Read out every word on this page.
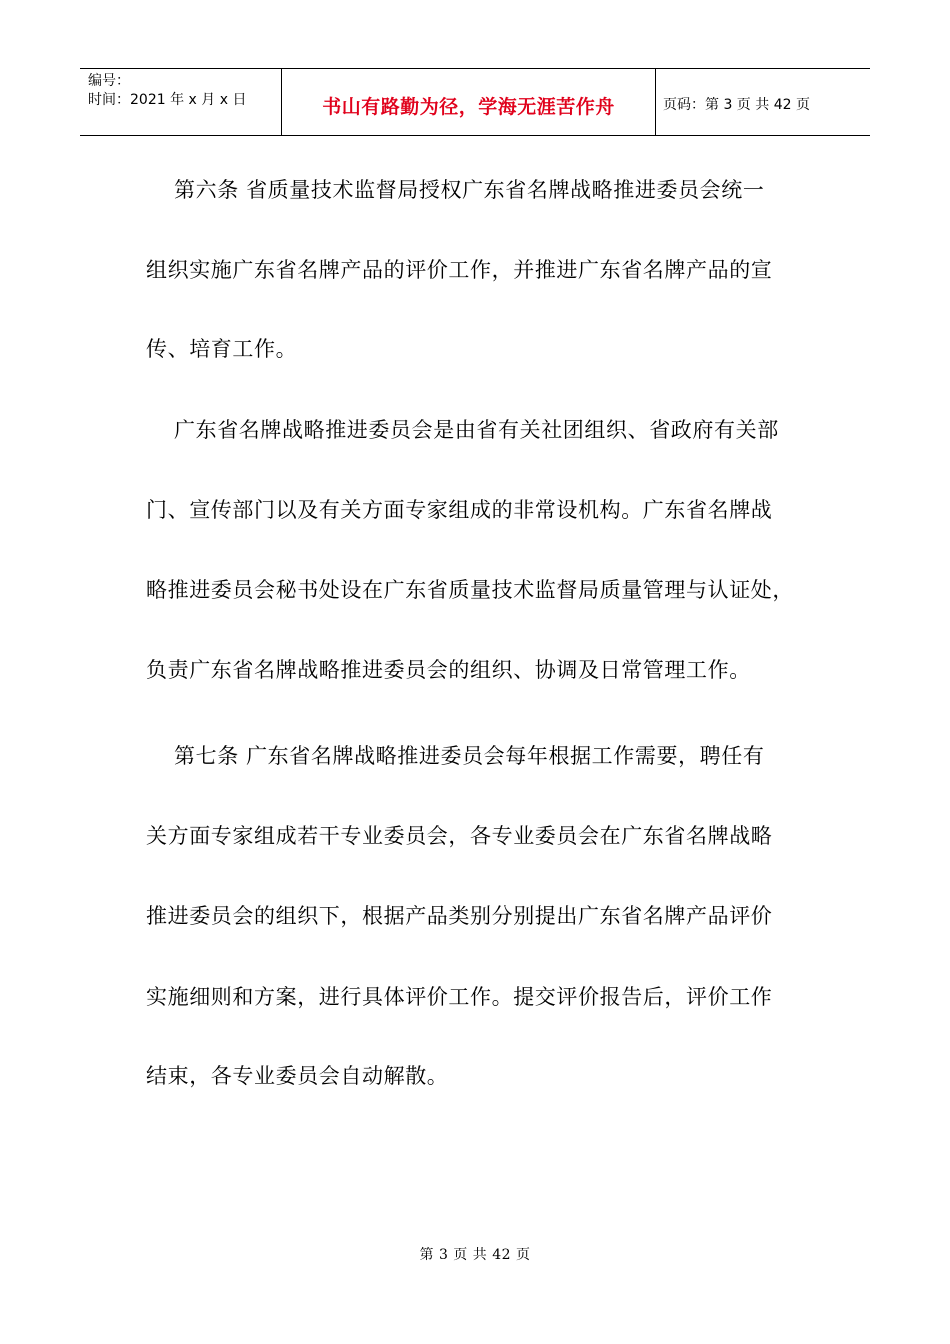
编号：
时间：2021 年 x 月 x 日	书山有路勤为径，学海无涯苦作舟	页码：第 3 页 共 42 页
第六条 省质量技术监督局授权广东省名牌战略推进委员会统一
组织实施广东省名牌产品的评价工作，并推进广东省名牌产品的宣
传、培育工作。
广东省名牌战略推进委员会是由省有关社团组织、省政府有关部
门、宣传部门以及有关方面专家组成的非常设机构。广东省名牌战
略推进委员会秘书处设在广东省质量技术监督局质量管理与认证处，
负责广东省名牌战略推进委员会的组织、协调及日常管理工作。
第七条 广东省名牌战略推进委员会每年根据工作需要，聘任有
关方面专家组成若干专业委员会，各专业委员会在广东省名牌战略
推进委员会的组织下，根据产品类别分别提出广东省名牌产品评价
实施细则和方案，进行具体评价工作。提交评价报告后，评价工作
结束，各专业委员会自动解散。
第 3 页 共 42 页
